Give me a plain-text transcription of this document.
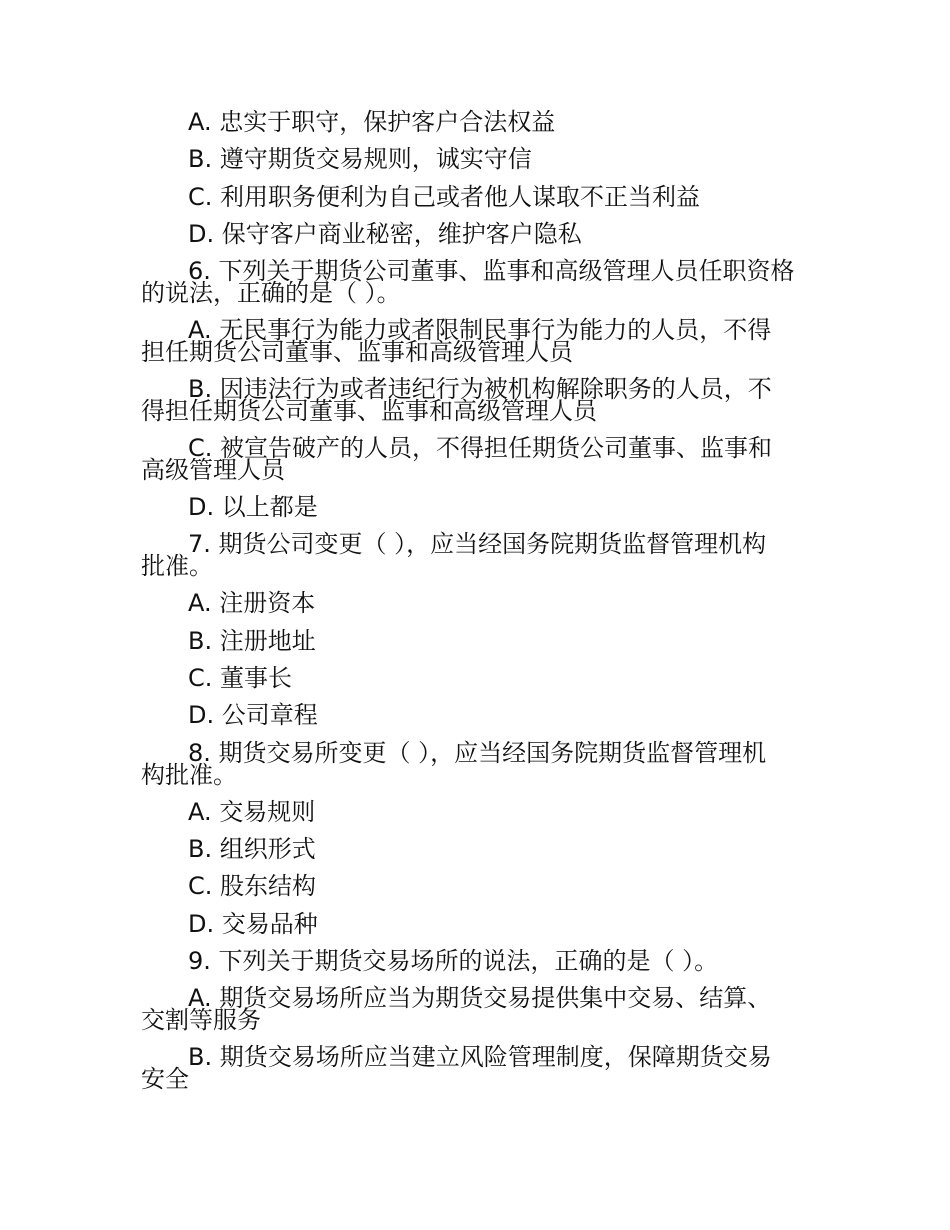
A. 忠实于职守，保护客户合法权益

B. 遵守期货交易规则，诚实守信

C. 利用职务便利为自己或者他人谋取不正当利益

D. 保守客户商业秘密，维护客户隐私

6. 下列关于期货公司董事、监事和高级管理人员任职资格
的说法，正确的是（ ）。

A. 无民事行为能力或者限制民事行为能力的人员，不得
担任期货公司董事、监事和高级管理人员

B. 因违法行为或者违纪行为被机构解除职务的人员，不
得担任期货公司董事、监事和高级管理人员

C. 被宣告破产的人员，不得担任期货公司董事、监事和
高级管理人员

D. 以上都是

7. 期货公司变更（ ），应当经国务院期货监督管理机构
批准。

A. 注册资本

B. 注册地址

C. 董事长

D. 公司章程

8. 期货交易所变更（ ），应当经国务院期货监督管理机
构批准。

A. 交易规则

B. 组织形式

C. 股东结构

D. 交易品种

9. 下列关于期货交易场所的说法，正确的是（ ）。

A. 期货交易场所应当为期货交易提供集中交易、结算、
交割等服务

B. 期货交易场所应当建立风险管理制度，保障期货交易
安全
